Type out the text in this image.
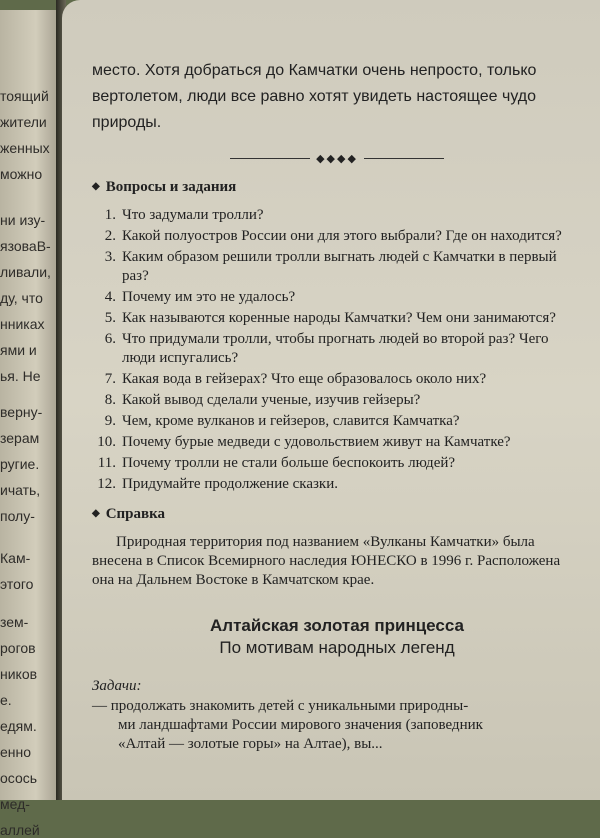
тоящий
жители
женных
можно
ни изу-
язоваВ-
ливали,
ду, что
нниках
ями и
ья. Не
верну-
зерам
ругие.
ичать,
полу-
Кам-
этого
зем-
рогов
ников
е.
едям.
енно
осось
мед-
аллей

место. Хотя добраться до Камчатки очень непросто, только вертолетом, люди все равно хотят увидеть настоящее чудо природы.

◆◆◆◆

◆ Вопросы и задания

1. Что задумали тролли?
2. Какой полуостров России они для этого выбрали? Где он находится?
3. Каким образом решили тролли выгнать людей с Камчатки в первый раз?
4. Почему им это не удалось?
5. Как называются коренные народы Камчатки? Чем они занимаются?
6. Что придумали тролли, чтобы прогнать людей во второй раз? Чего люди испугались?
7. Какая вода в гейзерах? Что еще образовалось около них?
8. Какой вывод сделали ученые, изучив гейзеры?
9. Чем, кроме вулканов и гейзеров, славится Камчатка?
10. Почему бурые медведи с удовольствием живут на Камчатке?
11. Почему тролли не стали больше беспокоить людей?
12. Придумайте продолжение сказки.

◆ Справка

Природная территория под названием «Вулканы Камчатки» была внесена в Список Всемирного наследия ЮНЕСКО в 1996 г. Расположена она на Дальнем Востоке в Камчатском крае.

Алтайская золотая принцесса

По мотивам народных легенд

Задачи:

— продолжать знакомить детей с уникальными природны-

ми ландшафтами России мирового значения (заповедник

«Алтай — золотые горы» на Алтае), вы...
